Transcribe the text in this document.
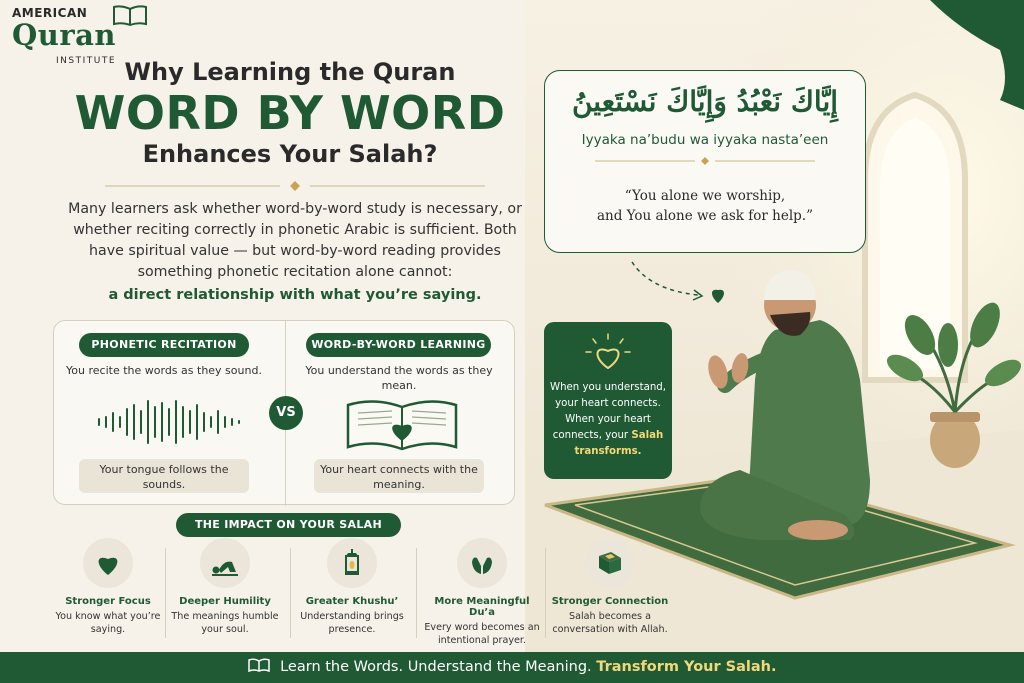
AMERICAN
Quran
INSTITUTE Why Learning the Quran
WORD BY WORD
Enhances Your Salah?
Many learners ask whether word-by-word study is necessary, or whether reciting correctly in phonetic Arabic is sufficient. Both have spiritual value — but word-by-word reading provides something phonetic recitation alone cannot:
a direct relationship with what you’re saying.
PHONETIC RECITATION
You recite the words as they sound.
Your tongue follows the sounds.
VS
WORD-BY-WORD LEARNING
You understand the words as they mean.
Your heart connects with the meaning.
THE IMPACT ON YOUR SALAH
Stronger Focus
You know what you’re saying.
Deeper Humility
The meanings humble your soul.
Greater Khushu’
Understanding brings presence.
More Meaningful Du’a
Every word becomes an intentional prayer.
Stronger Connection
Salah becomes a conversation with Allah.
إِيَّاكَ نَعْبُدُ وَإِيَّاكَ نَسْتَعِينُ
Iyyaka na’budu wa iyyaka nasta’een
“You alone we worship,
and You alone we ask for help.”
When you understand, your heart connects. When your heart connects, your Salah transforms.
Learn the Words. Understand the Meaning. Transform Your Salah.
